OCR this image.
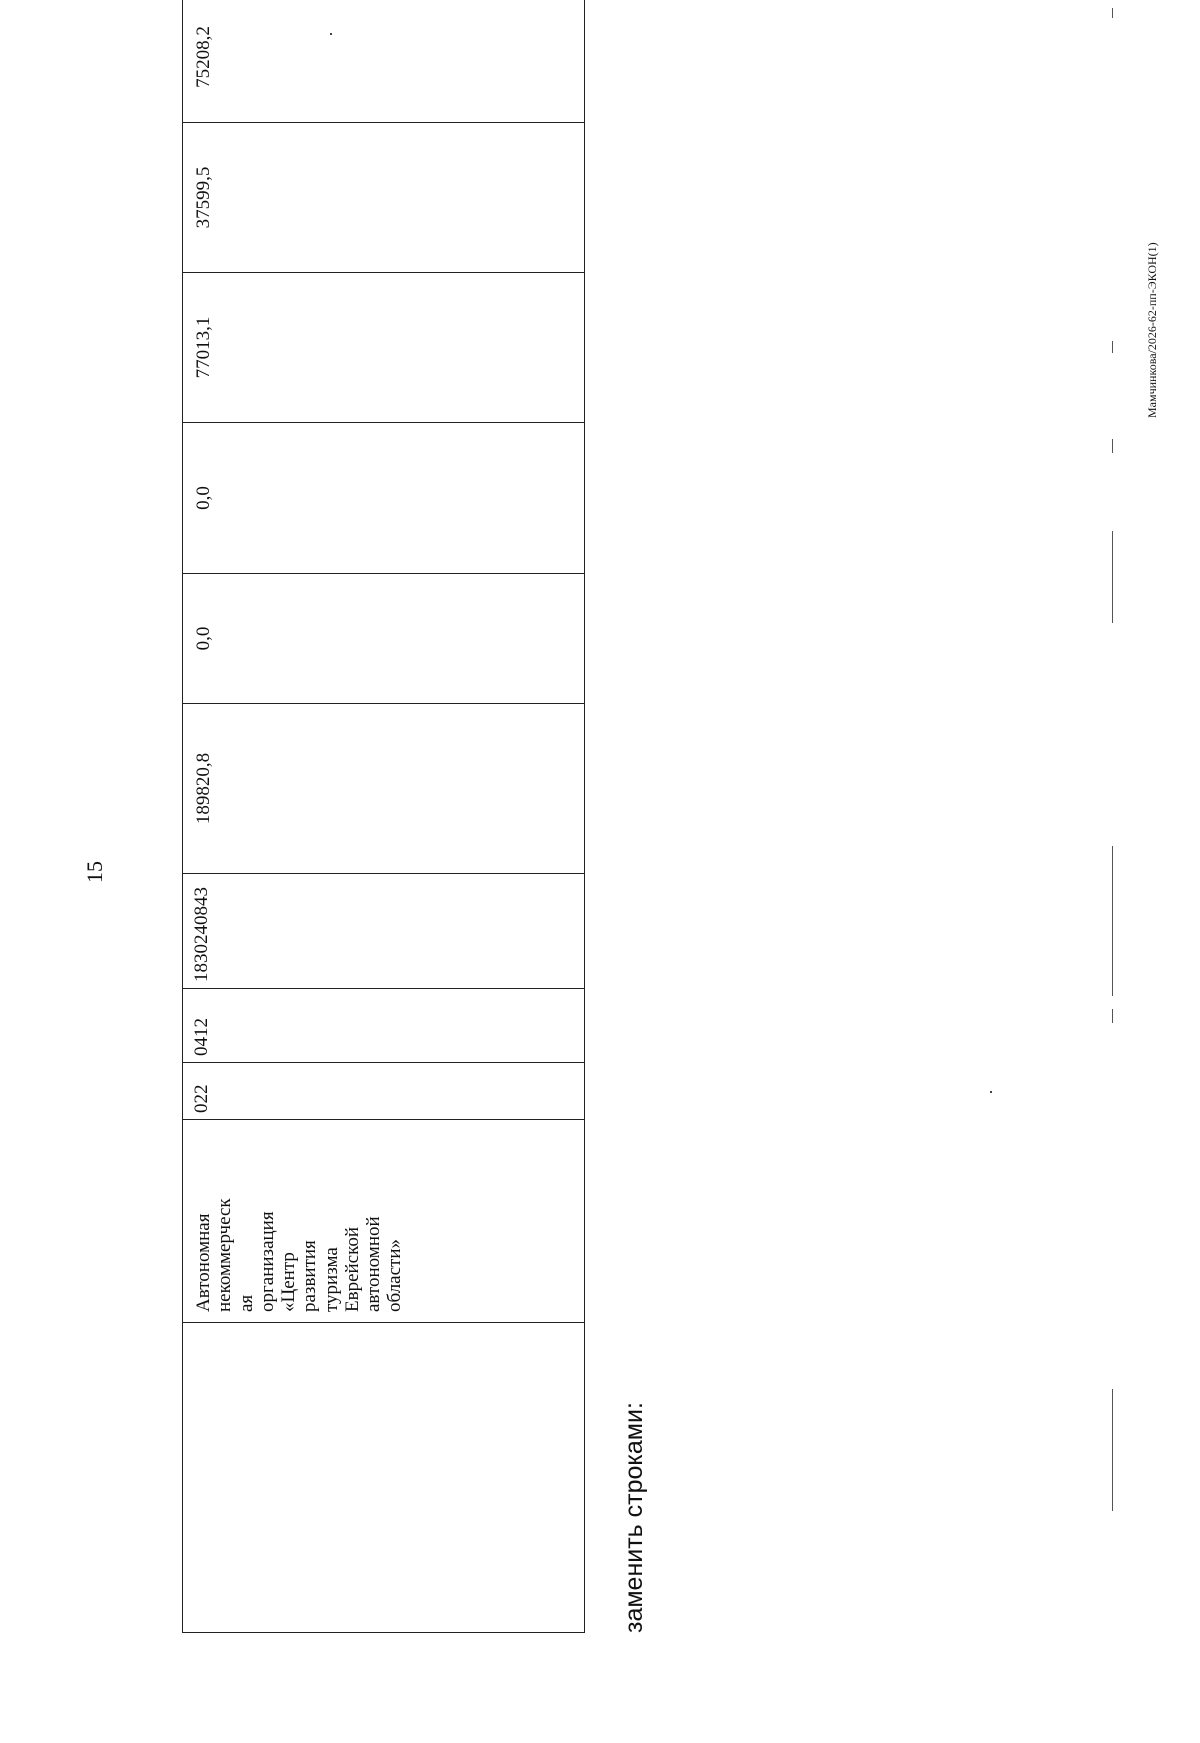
15

Автономная некоммерческ ая организация «Центр развития туризма Еврейской автономной области»
	022	0412	1830240843	189820,8	0,0	0,0	77013,1	37599,5	75208,2		
заменить строками:
Мамчинкова/2026-62-пп-ЭКОН(1)
